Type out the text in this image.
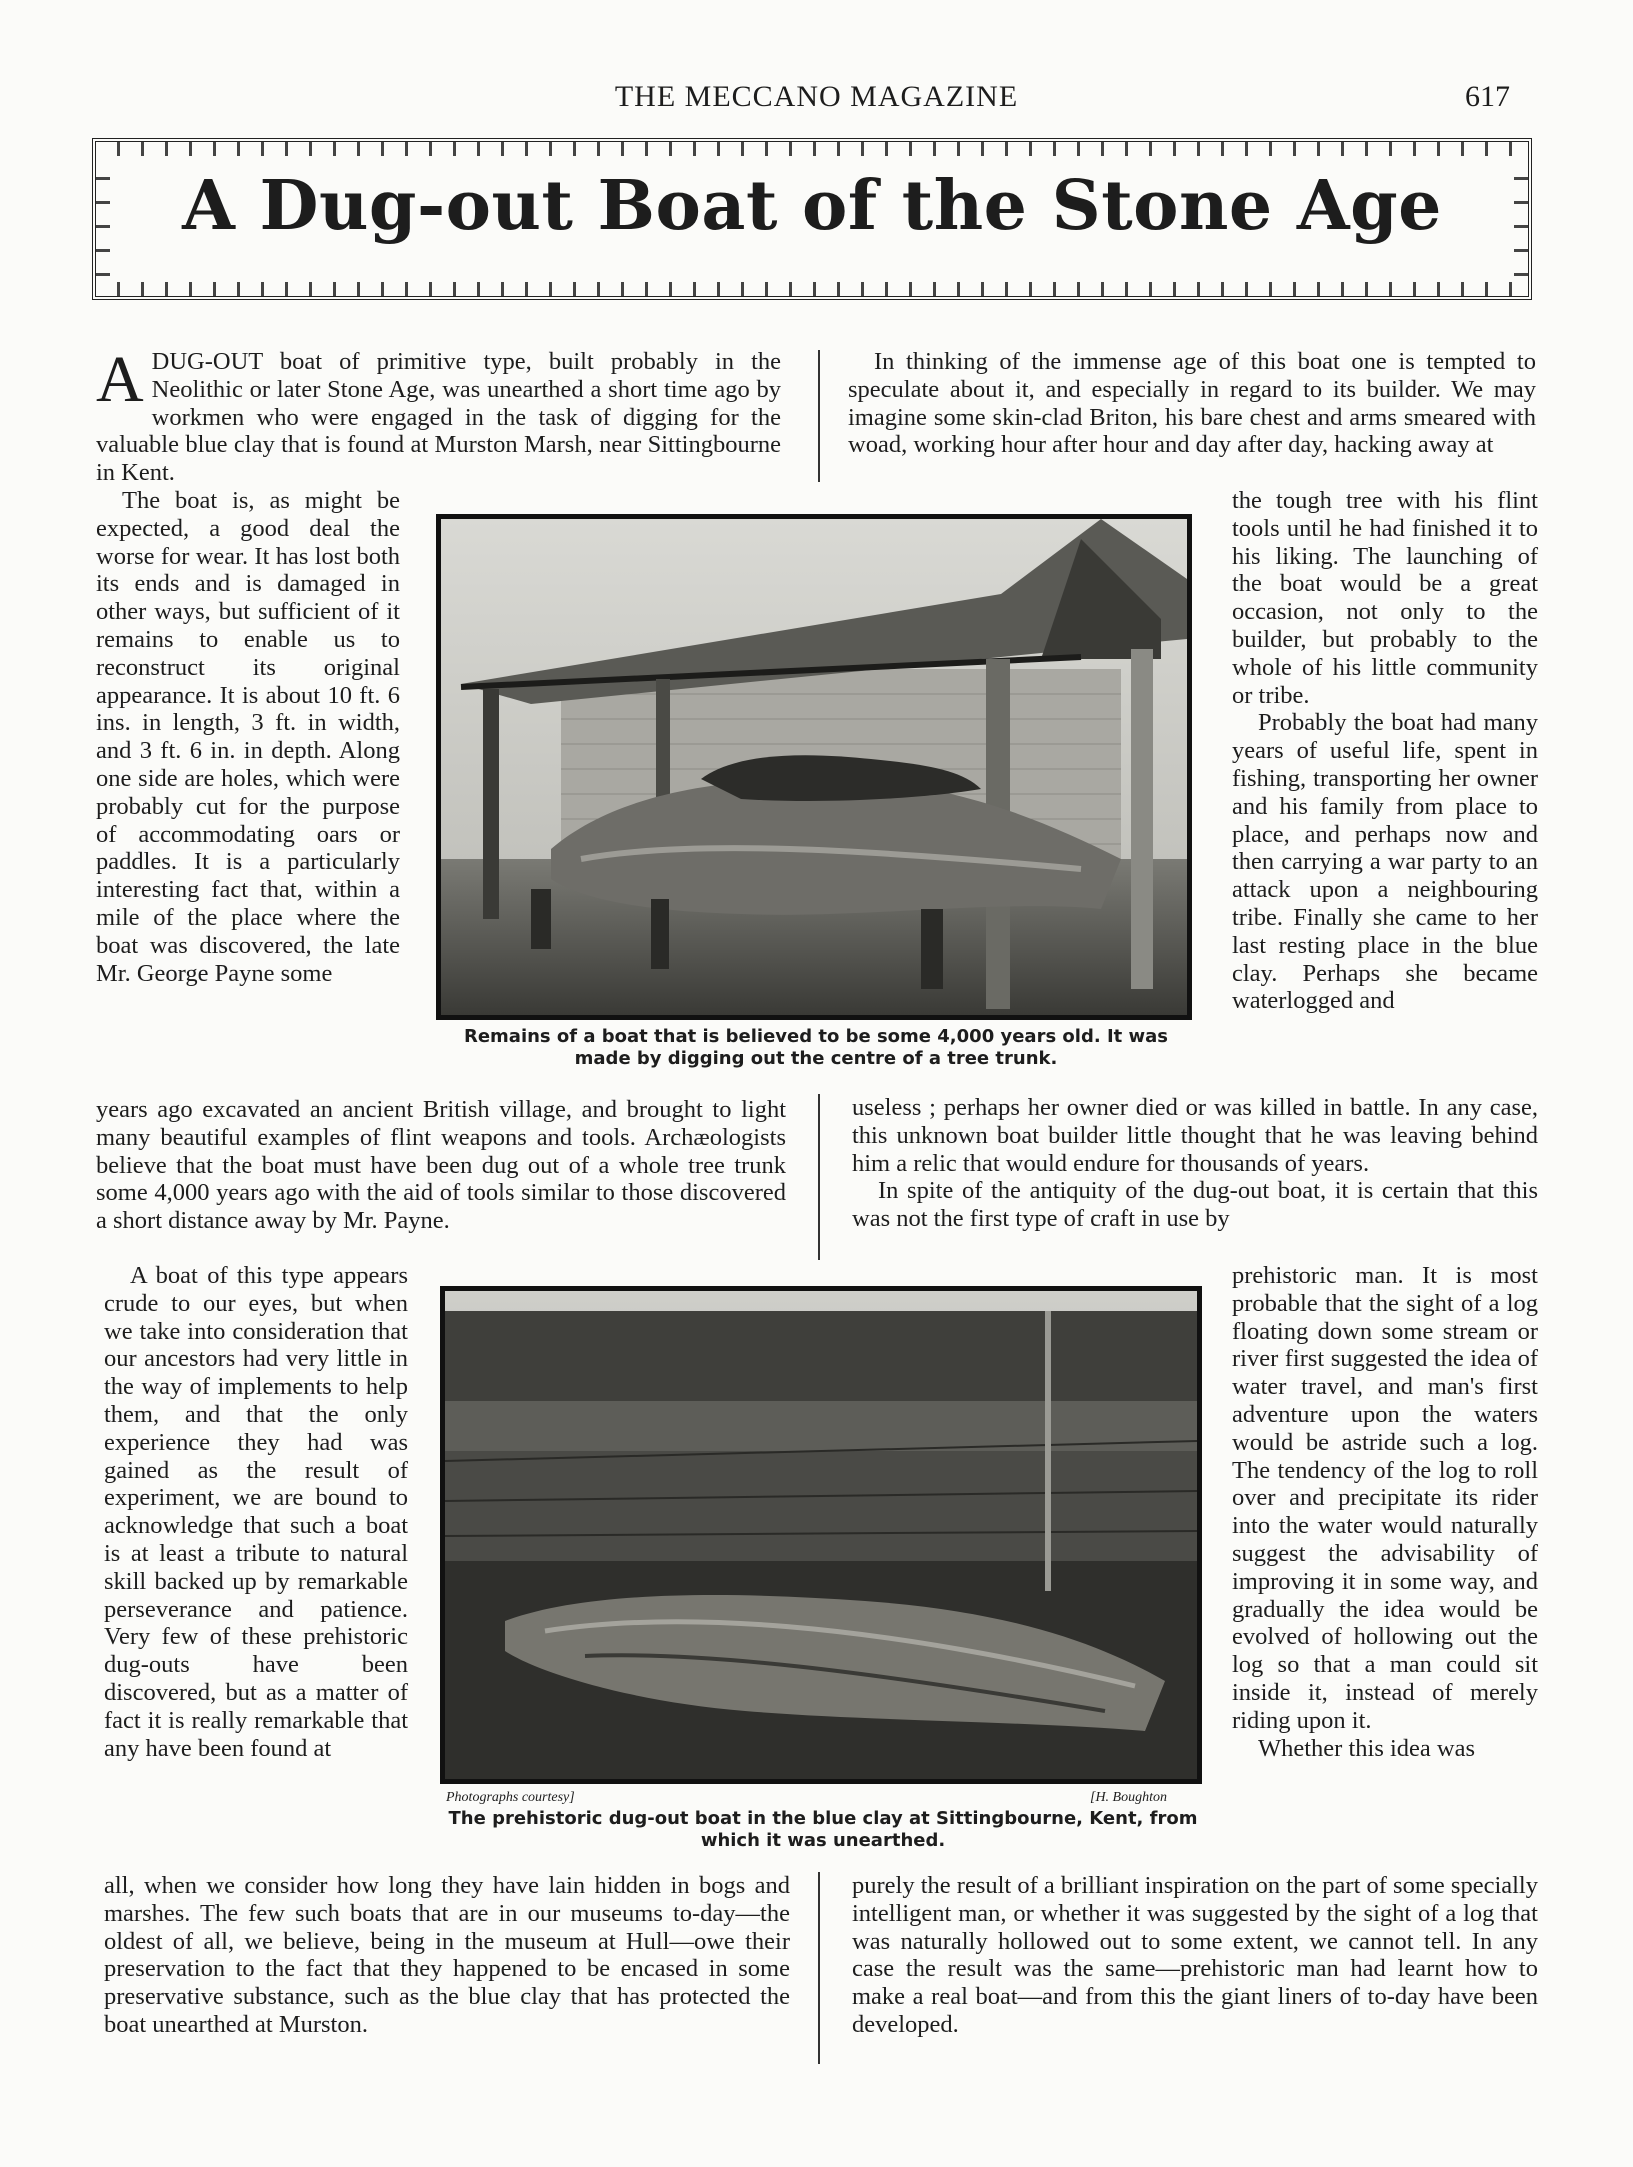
THE MECCANO MAGAZINE	617
A Dug-out Boat of the Stone Age

A DUG-OUT boat of primitive type, built probably in the Neolithic or later Stone Age, was unearthed a short time ago by workmen who were engaged in the task of digging for the valuable blue clay that is found at Murston Marsh, near Sittingbourne in Kent.

The boat is, as might be expected, a good deal the worse for wear. It has lost both its ends and is damaged in other ways, but sufficient of it remains to enable us to reconstruct its original appearance. It is about 10 ft. 6 ins. in length, 3 ft. in width, and 3 ft. 6 in. in depth. Along one side are holes, which were probably cut for the purpose of accommodating oars or paddles. It is a particularly interesting fact that, within a mile of the place where the boat was discovered, the late Mr. George Payne some

years ago excavated an ancient British village, and brought to light many beautiful examples of flint weapons and tools. Archæologists believe that the boat must have been dug out of a whole tree trunk some 4,000 years ago with the aid of tools similar to those discovered a short distance away by Mr. Payne.

A boat of this type appears crude to our eyes, but when we take into consideration that our ancestors had very little in the way of implements to help them, and that the only experience they had was gained as the result of experiment, we are bound to acknowledge that such a boat is at least a tribute to natural skill backed up by remarkable perseverance and patience. Very few of these prehistoric dug-outs have been discovered, but as a matter of fact it is really remarkable that any have been found at

all, when we consider how long they have lain hidden in bogs and marshes. The few such boats that are in our museums to-day—the oldest of all, we believe, being in the museum at Hull—owe their preservation to the fact that they happened to be encased in some preservative substance, such as the blue clay that has protected the boat unearthed at Murston.

In thinking of the immense age of this boat one is tempted to speculate about it, and especially in regard to its builder. We may imagine some skin-clad Briton, his bare chest and arms smeared with woad, working hour after hour and day after day, hacking away at

the tough tree with his flint tools until he had finished it to his liking. The launching of the boat would be a great occasion, not only to the builder, but probably to the whole of his little community or tribe.

Probably the boat had many years of useful life, spent in fishing, transporting her owner and his family from place to place, and perhaps now and then carrying a war party to an attack upon a neighbouring tribe. Finally she came to her last resting place in the blue clay. Perhaps she became waterlogged and

useless ; perhaps her owner died or was killed in battle. In any case, this unknown boat builder little thought that he was leaving behind him a relic that would endure for thousands of years.

In spite of the antiquity of the dug-out boat, it is certain that this was not the first type of craft in use by

prehistoric man. It is most probable that the sight of a log floating down some stream or river first suggested the idea of water travel, and man's first adventure upon the waters would be astride such a log. The tendency of the log to roll over and precipitate its rider into the water would naturally suggest the advisability of improving it in some way, and gradually the idea would be evolved of hollowing out the log so that a man could sit inside it, instead of merely riding upon it.

Whether this idea was

purely the result of a brilliant inspiration on the part of some specially intelligent man, or whether it was suggested by the sight of a log that was naturally hollowed out to some extent, we cannot tell. In any case the result was the same—prehistoric man had learnt how to make a real boat—and from this the giant liners of to-day have been developed.

Remains of a boat that is believed to be some 4,000 years old. It was made by digging out the centre of a tree trunk.
Photographs courtesy]	[H. Boughton
The prehistoric dug-out boat in the blue clay at Sittingbourne, Kent, from which it was unearthed.
